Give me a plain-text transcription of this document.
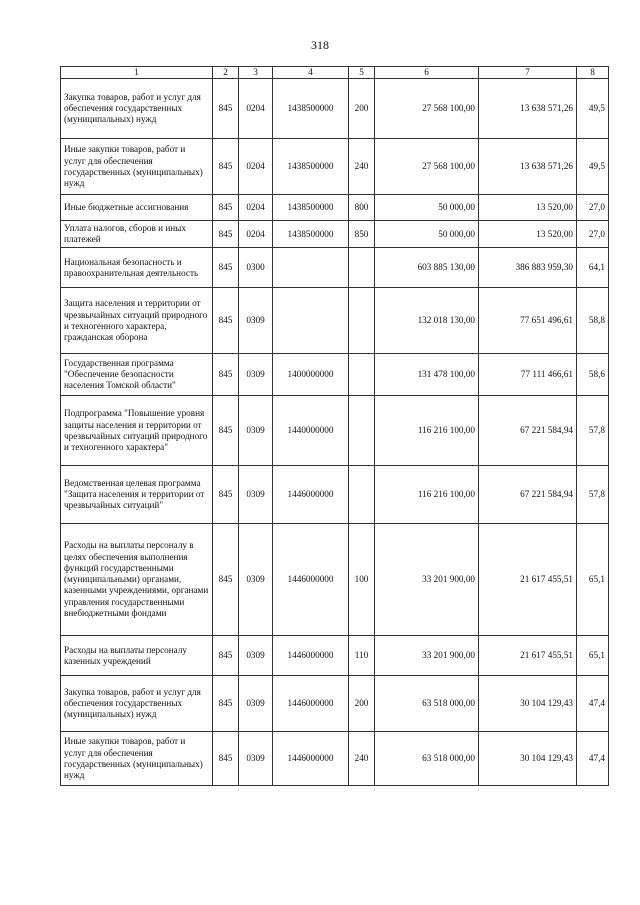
318
1	2	3	4	5	6	7	8
Закупка товаров, работ и услуг для обеспечения государственных (муниципальных) нужд	845	0204	1438500000	200	27 568 100,00	13 638 571,26	49,5
Иные закупки товаров, работ и услуг для обеспечения государственных (муниципальных) нужд	845	0204	1438500000	240	27 568 100,00	13 638 571,26	49,5
Иные бюджетные ассигнования	845	0204	1438500000	800	50 000,00	13 520,00	27,0
Уплата налогов, сборов и иных платежей	845	0204	1438500000	850	50 000,00	13 520,00	27,0
Национальная безопасность и правоохранительная деятельность	845	0300			603 885 130,00	386 883 959,30	64,1
Защита населения и территории от чрезвычайных ситуаций природного и техногенного характера, гражданская оборона	845	0309			132 018 130,00	77 651 496,61	58,8
Государственная программа "Обеспечение безопасности населения Томской области"	845	0309	1400000000		131 478 100,00	77 111 466,61	58,6
Подпрограмма "Повышение уровня защиты населения и территории от чрезвычайных ситуаций природного и техногенного характера"	845	0309	1440000000		116 216 100,00	67 221 584,94	57,8
Ведомственная целевая программа "Защита населения и территории от чрезвычайных ситуаций"	845	0309	1446000000		116 216 100,00	67 221 584,94	57,8
Расходы на выплаты персоналу в целях обеспечения выполнения функций государственными (муниципальными) органами, казенными учреждениями, органами управления государственными внебюджетными фондами	845	0309	1446000000	100	33 201 900,00	21 617 455,51	65,1
Расходы на выплаты персоналу казенных учреждений	845	0309	1446000000	110	33 201 900,00	21 617 455,51	65,1
Закупка товаров, работ и услуг для обеспечения государственных (муниципальных) нужд	845	0309	1446000000	200	63 518 000,00	30 104 129,43	47,4
Иные закупки товаров, работ и услуг для обеспечения государственных (муниципальных) нужд	845	0309	1446000000	240	63 518 000,00	30 104 129,43	47,4
